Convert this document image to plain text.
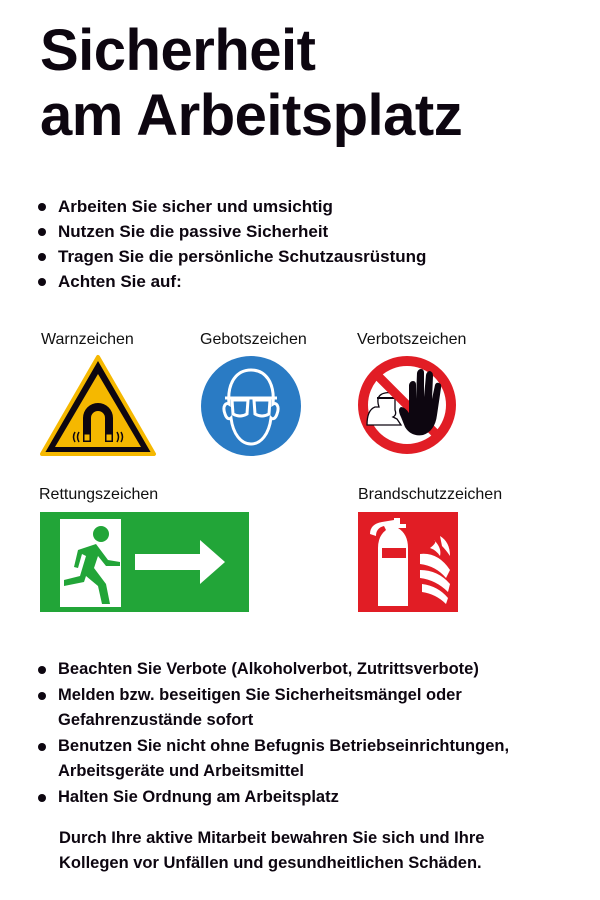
Sicherheit
am Arbeitsplatz
Arbeiten Sie sicher und umsichtig
Nutzen Sie die passive Sicherheit
Tragen Sie die persönliche Schutzausrüstung
Achten Sie auf:
Warnzeichen	Gebotszeichen	Verbotszeichen
Rettungszeichen	Brandschutzzeichen
Beachten Sie Verbote (Alkoholverbot, Zutrittsverbote)
Melden bzw. beseitigen Sie Sicherheitsmängel oder Gefahrenzustände sofort
Benutzen Sie nicht ohne Befugnis Betriebseinrichtungen, Arbeitsgeräte und Arbeitsmittel
Halten Sie Ordnung am Arbeitsplatz

Durch Ihre aktive Mitarbeit bewahren Sie sich und Ihre
Kollegen vor Unfällen und gesundheitlichen Schäden.
